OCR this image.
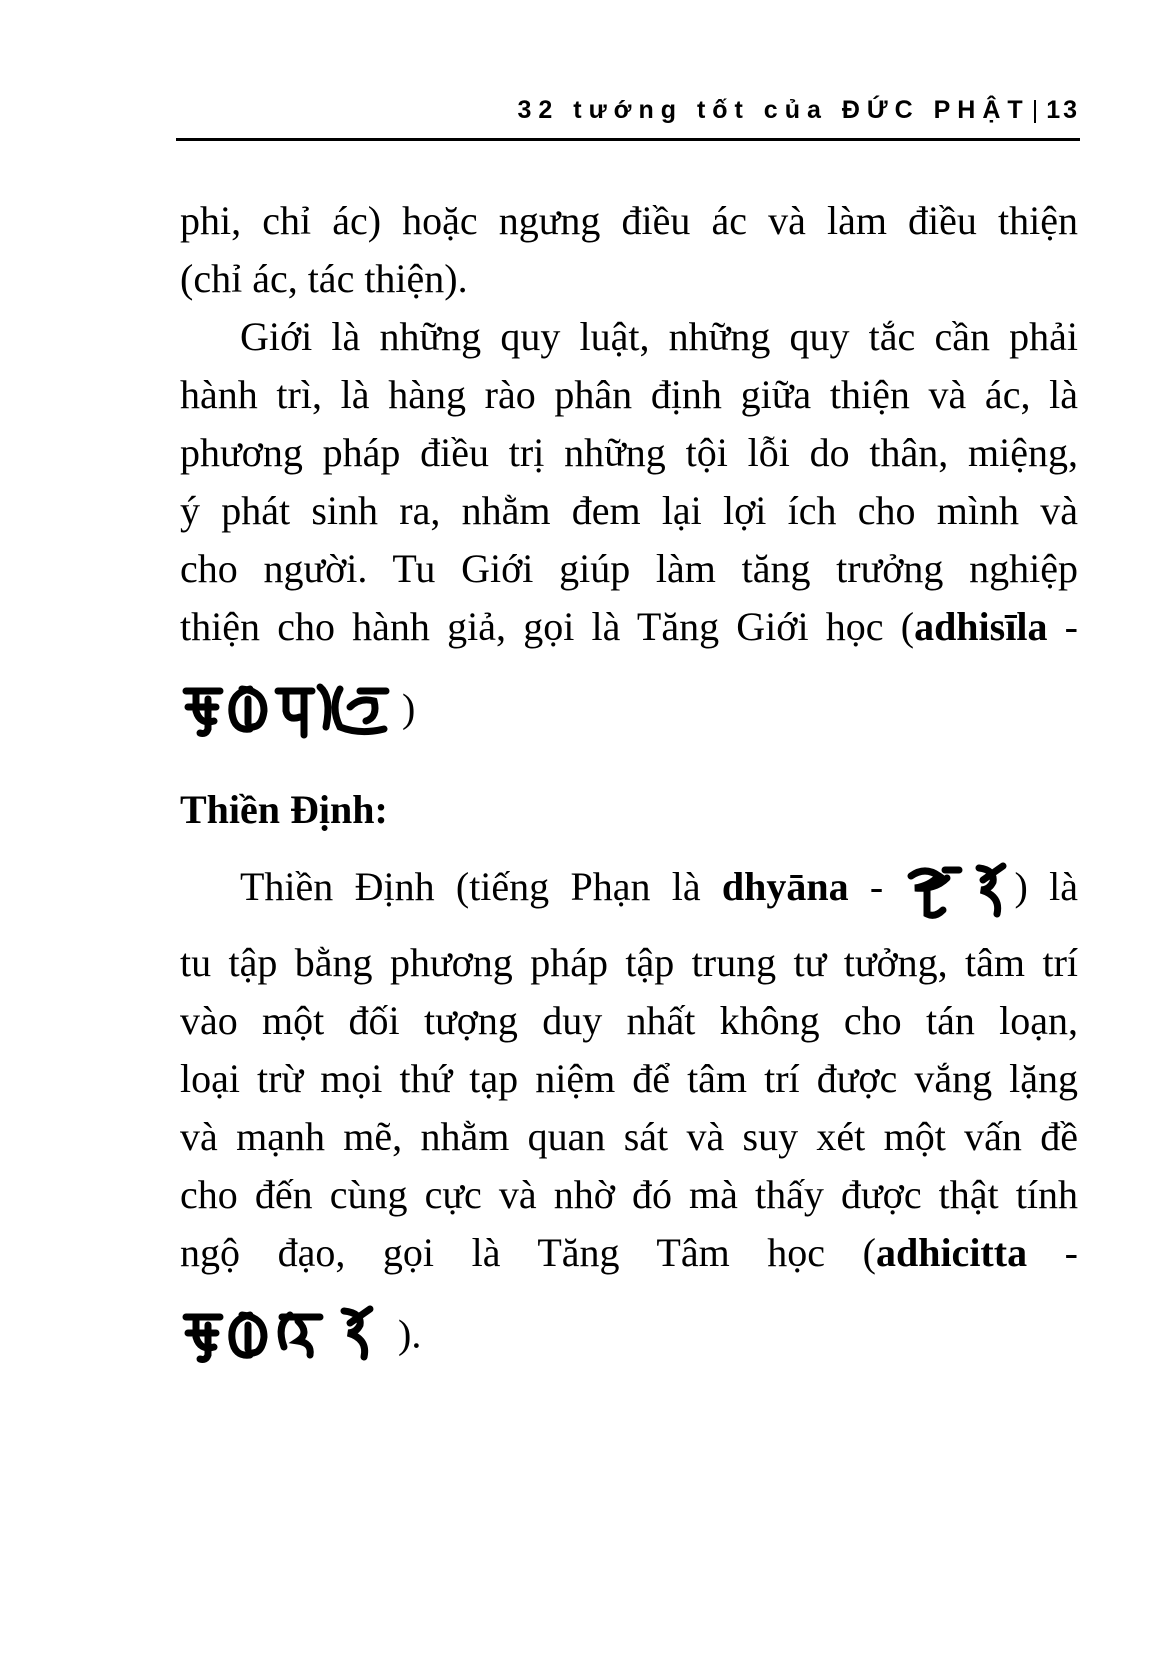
32 tướng tốt của ĐỨC PHẬT| 13
phi, chỉ ác) hoặc ngưng điều ác và làm điều thiện
(chỉ ác, tác thiện).
Giới là những quy luật, những quy tắc cần phải
hành trì, là hàng rào phân định giữa thiện và ác, là
phương pháp điều trị những tội lỗi do thân, miệng,
ý phát sinh ra, nhằm đem lại lợi ích cho mình và
cho người. Tu Giới giúp làm tăng trưởng nghiệp
thiện cho hành giả, gọi là Tăng Giới học (adhisīla -
)
Thiền Định:
Thiền Định (tiếng Phạn là dhyāna -	) là
tu tập bằng phương pháp tập trung tư tưởng, tâm trí
vào một đối tượng duy nhất không cho tán loạn,
loại trừ mọi thứ tạp niệm để tâm trí được vắng lặng
và mạnh mẽ, nhằm quan sát và suy xét một vấn đề
cho đến cùng cực và nhờ đó mà thấy được thật tính
ngộ đạo, gọi là Tăng Tâm học (adhicitta -
).
